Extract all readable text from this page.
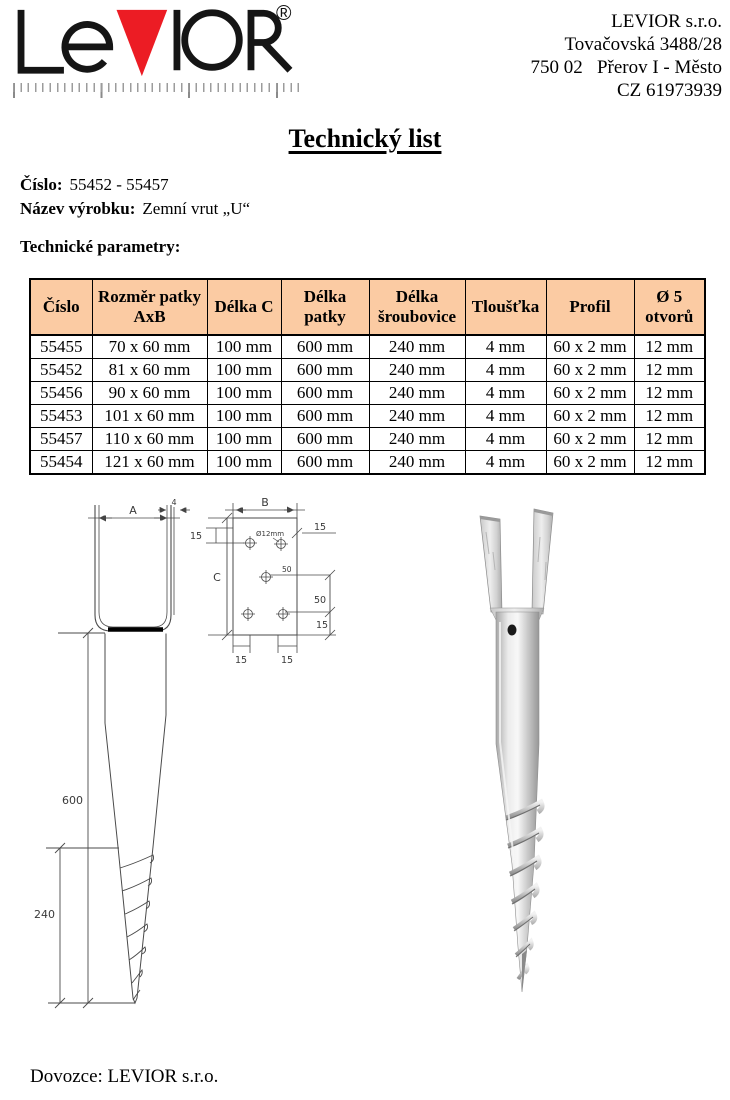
®	LEVIOR s.r.o.
Tovačovská 3488/28
750 02   Přerov I - Město
CZ 61973939
Technický list
Číslo: 55452 - 55457
Název výrobku: Zemní vrut „U“
Technické parametry:
Číslo	Rozměr patky AxB	Délka C	Délka patky	Délka šroubovice	Tloušťka	Profil	Ø 5 otvorů
55455	70 x 60 mm	100 mm	600 mm	240 mm	4 mm	60 x 2 mm	12 mm
55452	81 x 60 mm	100 mm	600 mm	240 mm	4 mm	60 x 2 mm	12 mm
55456	90 x 60 mm	100 mm	600 mm	240 mm	4 mm	60 x 2 mm	12 mm
55453	101 x 60 mm	100 mm	600 mm	240 mm	4 mm	60 x 2 mm	12 mm
55457	110 x 60 mm	100 mm	600 mm	240 mm	4 mm	60 x 2 mm	12 mm
55454	121 x 60 mm	100 mm	600 mm	240 mm	4 mm	60 x 2 mm	12 mm
A
4
600
240
B
C
15	Ø12mm
15
50
50
15
15	15
Dovozce: LEVIOR s.r.o.
